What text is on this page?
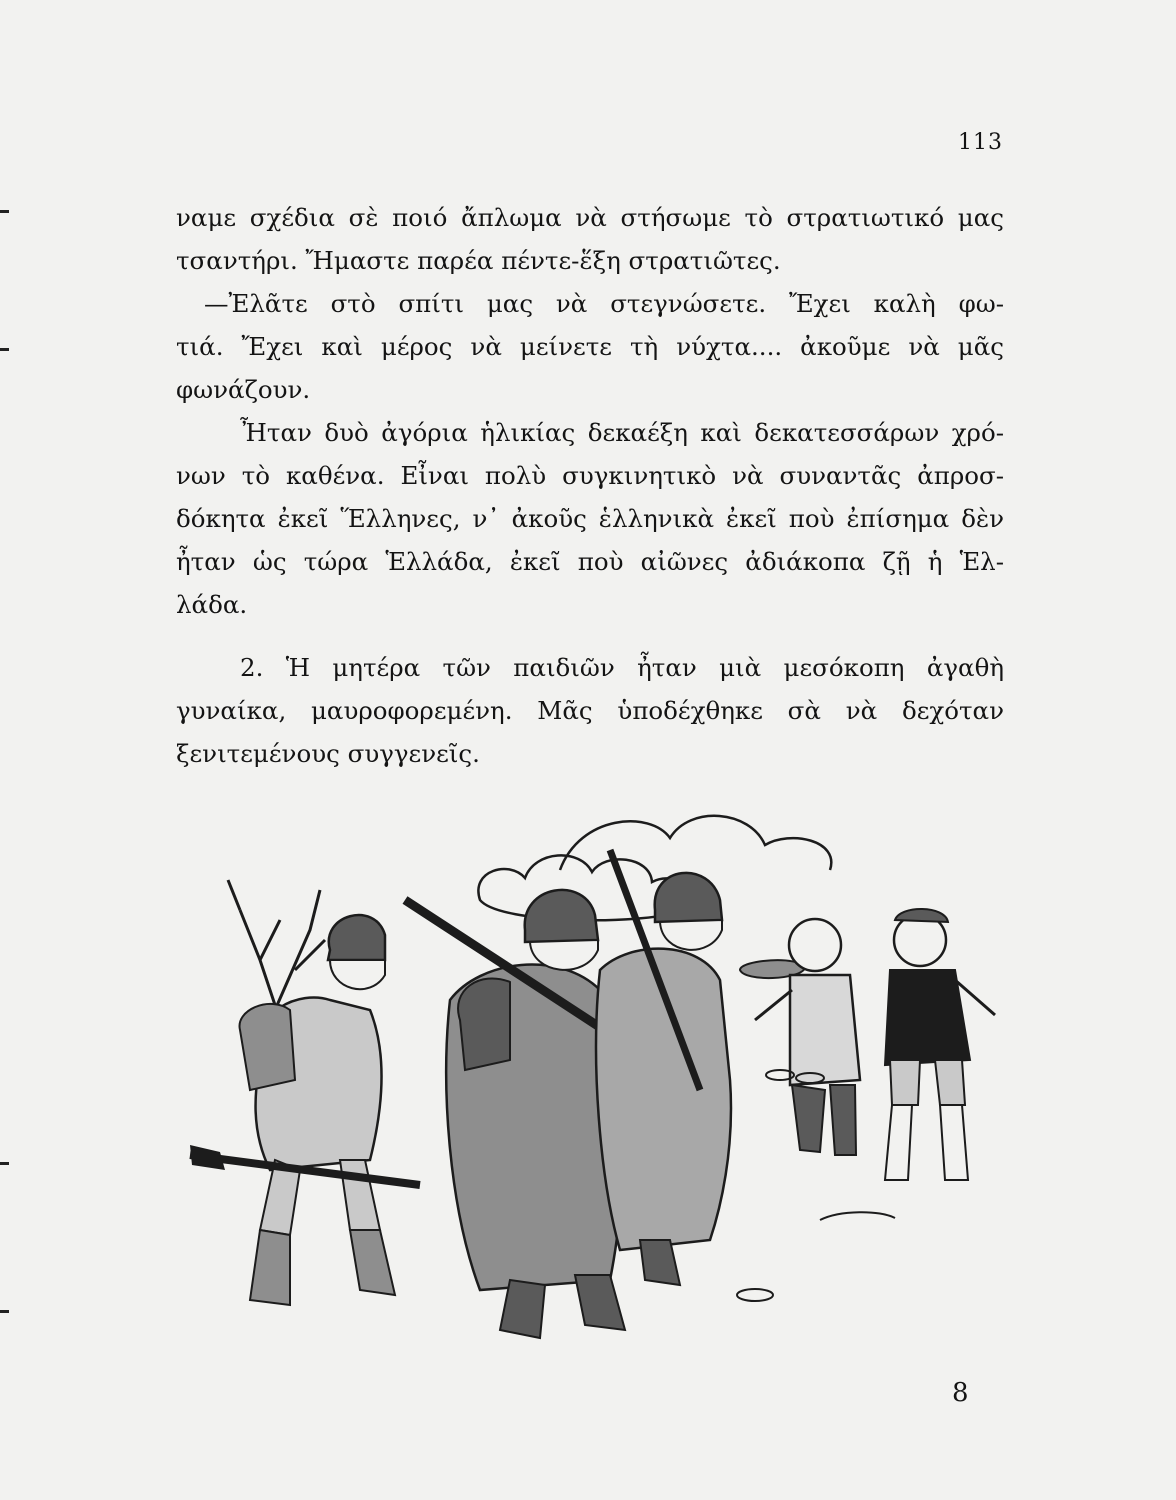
113
ναμε σχέδια σὲ ποιό ἄπλωμα νὰ στήσωμε τὸ στρατιωτικό μας
τσαντήρι. Ἤμαστε παρέα πέντε-ἕξη στρατιῶτες.
—Ἐλᾶτε στὸ σπίτι μας νὰ στεγνώσετε. Ἔχει καλὴ φω-
τιά. Ἔχει καὶ μέρος νὰ μείνετε τὴ νύχτα.... ἀκοῦμε νὰ μᾶς
φωνάζουν.
Ἦταν δυὸ ἀγόρια ἡλικίας δεκαέξη καὶ δεκατεσσάρων χρό-
νων τὸ καθένα. Εἶναι πολὺ συγκινητικὸ νὰ συναντᾶς ἀπροσ-
δόκητα ἐκεῖ Ἕλληνες, ν᾿ ἀκοῦς ἑλληνικὰ ἐκεῖ ποὺ ἐπίσημα δὲν
ἦταν ὡς τώρα Ἑλλάδα, ἐκεῖ ποὺ αἰῶνες ἀδιάκοπα ζῇ ἡ Ἑλ-
λάδα.
2. Ἡ μητέρα τῶν παιδιῶν ἦταν μιὰ μεσόκοπη ἀγαθὴ
γυναίκα, μαυροφορεμένη. Μᾶς ὑποδέχθηκε σὰ νὰ δεχόταν
ξενιτεμένους συγγενεῖς.
8
